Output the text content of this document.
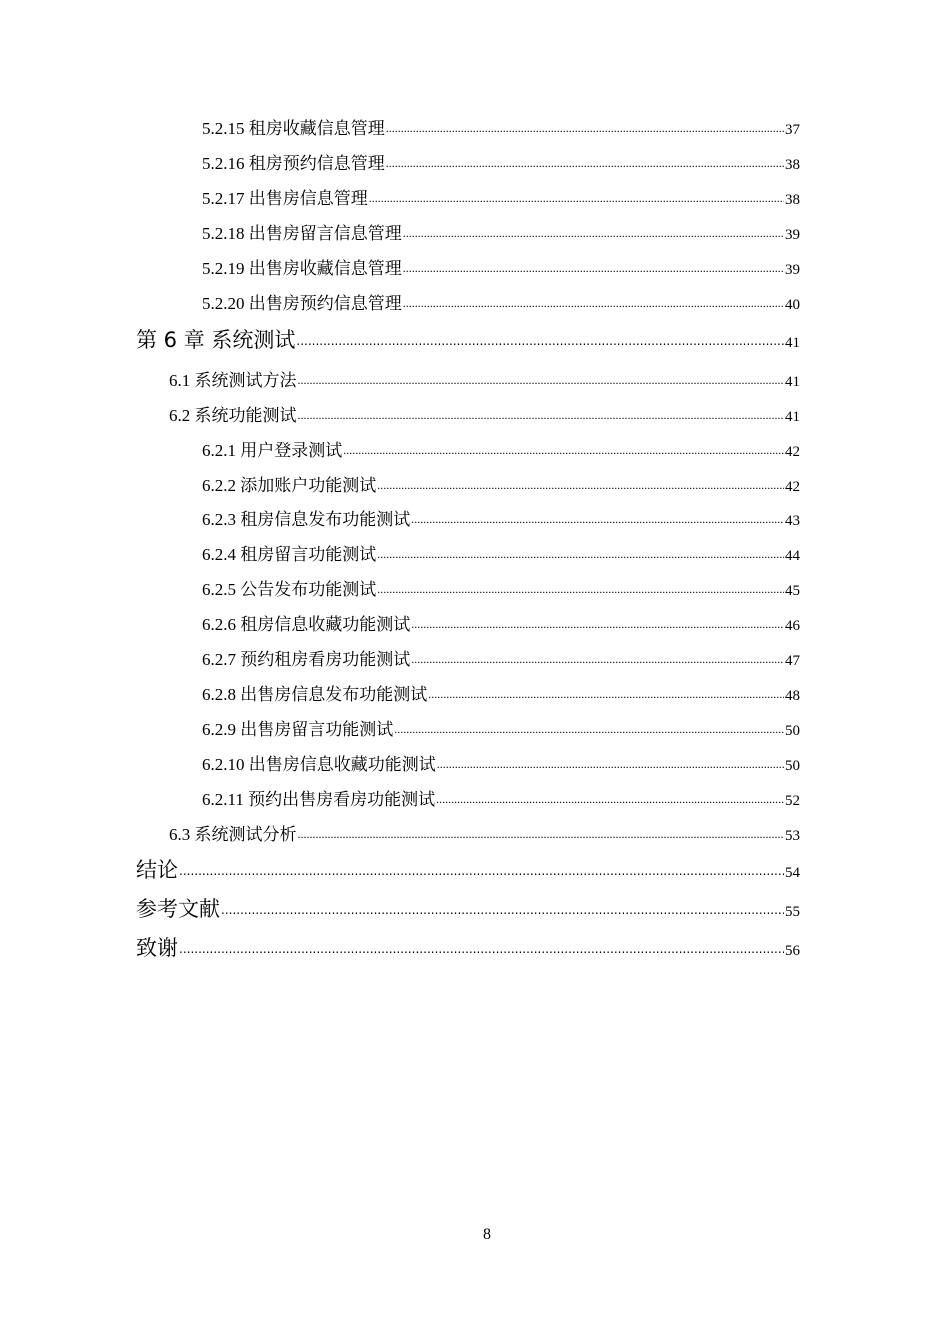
5.2.15 租房收藏信息管理 .....	37
5.2.16 租房预约信息管理 .....	38
5.2.17 出售房信息管理 .....	38
5.2.18 出售房留言信息管理 .....	39
5.2.19 出售房收藏信息管理 .....	39
5.2.20 出售房预约信息管理 .....	40
第 6 章 系统测试 .....	41
6.1 系统测试方法 .....	41
6.2 系统功能测试 .....	41
6.2.1 用户登录测试 .....	42
6.2.2 添加账户功能测试 .....	42
6.2.3 租房信息发布功能测试 .....	43
6.2.4 租房留言功能测试 .....	44
6.2.5 公告发布功能测试 .....	45
6.2.6 租房信息收藏功能测试 .....	46
6.2.7 预约租房看房功能测试 .....	47
6.2.8 出售房信息发布功能测试 .....	48
6.2.9 出售房留言功能测试 .....	50
6.2.10 出售房信息收藏功能测试 .....	50
6.2.11 预约出售房看房功能测试 .....	52
6.3 系统测试分析 .....	53
结论 .....	54
参考文献 .....	55
致谢 .....	56
8
